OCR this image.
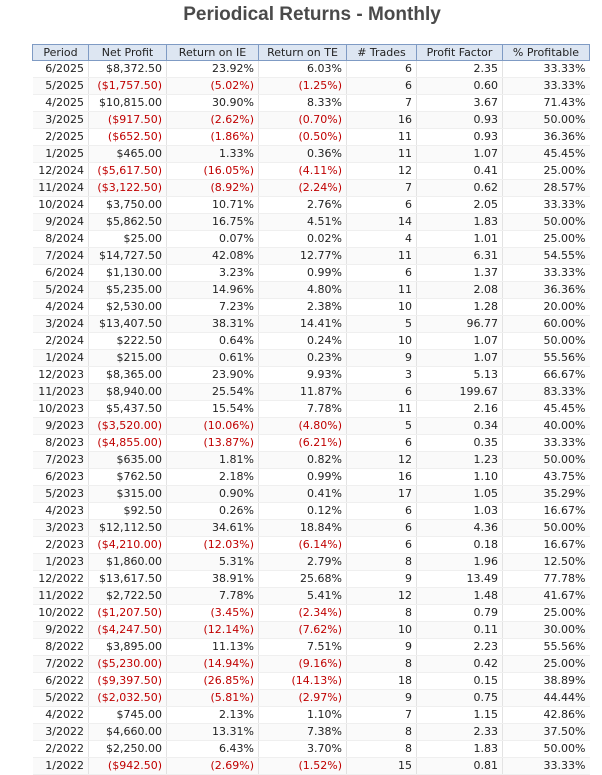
Periodical Returns - Monthly
Period	Net Profit	Return on IE	Return on TE	# Trades	Profit Factor	% Profitable
6/2025	$8,372.50	23.92%	6.03%	6	2.35	33.33%
5/2025	($1,757.50)	(5.02%)	(1.25%)	6	0.60	33.33%
4/2025	$10,815.00	30.90%	8.33%	7	3.67	71.43%
3/2025	($917.50)	(2.62%)	(0.70%)	16	0.93	50.00%
2/2025	($652.50)	(1.86%)	(0.50%)	11	0.93	36.36%
1/2025	$465.00	1.33%	0.36%	11	1.07	45.45%
12/2024	($5,617.50)	(16.05%)	(4.11%)	12	0.41	25.00%
11/2024	($3,122.50)	(8.92%)	(2.24%)	7	0.62	28.57%
10/2024	$3,750.00	10.71%	2.76%	6	2.05	33.33%
9/2024	$5,862.50	16.75%	4.51%	14	1.83	50.00%
8/2024	$25.00	0.07%	0.02%	4	1.01	25.00%
7/2024	$14,727.50	42.08%	12.77%	11	6.31	54.55%
6/2024	$1,130.00	3.23%	0.99%	6	1.37	33.33%
5/2024	$5,235.00	14.96%	4.80%	11	2.08	36.36%
4/2024	$2,530.00	7.23%	2.38%	10	1.28	20.00%
3/2024	$13,407.50	38.31%	14.41%	5	96.77	60.00%
2/2024	$222.50	0.64%	0.24%	10	1.07	50.00%
1/2024	$215.00	0.61%	0.23%	9	1.07	55.56%
12/2023	$8,365.00	23.90%	9.93%	3	5.13	66.67%
11/2023	$8,940.00	25.54%	11.87%	6	199.67	83.33%
10/2023	$5,437.50	15.54%	7.78%	11	2.16	45.45%
9/2023	($3,520.00)	(10.06%)	(4.80%)	5	0.34	40.00%
8/2023	($4,855.00)	(13.87%)	(6.21%)	6	0.35	33.33%
7/2023	$635.00	1.81%	0.82%	12	1.23	50.00%
6/2023	$762.50	2.18%	0.99%	16	1.10	43.75%
5/2023	$315.00	0.90%	0.41%	17	1.05	35.29%
4/2023	$92.50	0.26%	0.12%	6	1.03	16.67%
3/2023	$12,112.50	34.61%	18.84%	6	4.36	50.00%
2/2023	($4,210.00)	(12.03%)	(6.14%)	6	0.18	16.67%
1/2023	$1,860.00	5.31%	2.79%	8	1.96	12.50%
12/2022	$13,617.50	38.91%	25.68%	9	13.49	77.78%
11/2022	$2,722.50	7.78%	5.41%	12	1.48	41.67%
10/2022	($1,207.50)	(3.45%)	(2.34%)	8	0.79	25.00%
9/2022	($4,247.50)	(12.14%)	(7.62%)	10	0.11	30.00%
8/2022	$3,895.00	11.13%	7.51%	9	2.23	55.56%
7/2022	($5,230.00)	(14.94%)	(9.16%)	8	0.42	25.00%
6/2022	($9,397.50)	(26.85%)	(14.13%)	18	0.15	38.89%
5/2022	($2,032.50)	(5.81%)	(2.97%)	9	0.75	44.44%
4/2022	$745.00	2.13%	1.10%	7	1.15	42.86%
3/2022	$4,660.00	13.31%	7.38%	8	2.33	37.50%
2/2022	$2,250.00	6.43%	3.70%	8	1.83	50.00%
1/2022	($942.50)	(2.69%)	(1.52%)	15	0.81	33.33%
